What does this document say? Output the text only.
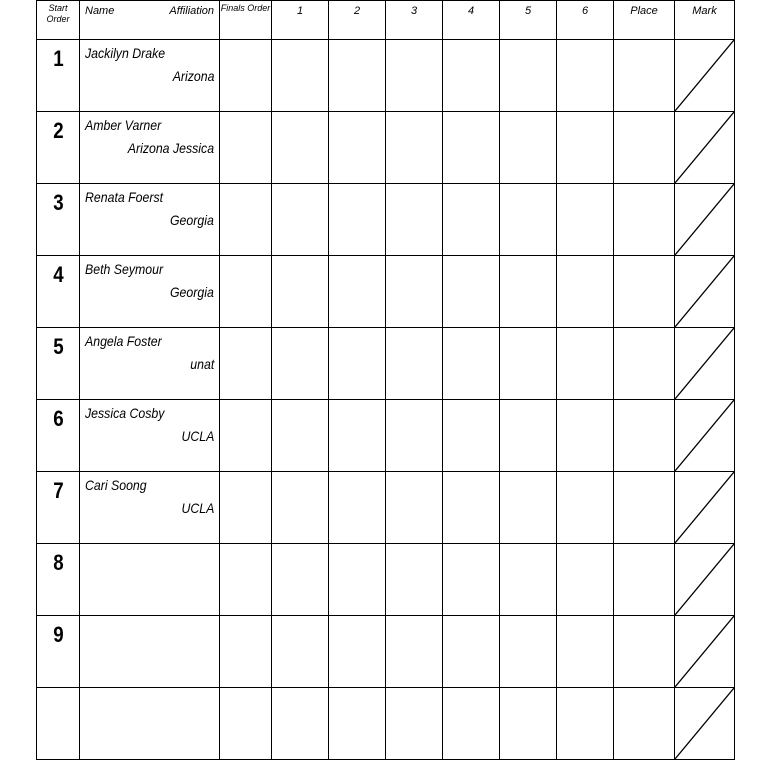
Start Order	Name Affiliation	Finals Order	1	2	3	4	5	6	Place	Mark
1	Jackilyn Drake
Arizona

2	Amber Varner
Arizona Jessica

3	Renata Foerst
Georgia

4	Beth Seymour
Georgia

5	Angela Foster
unat

6	Jessica Cosby
UCLA

7	Cari Soong
UCLA

8	

9	
